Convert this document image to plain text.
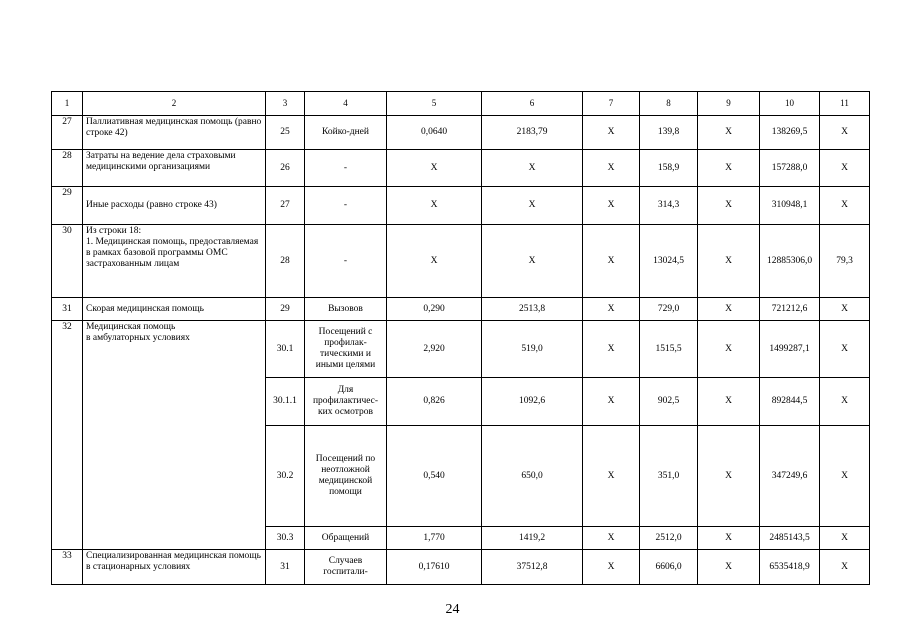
1	2	3	4	5	6	7	8	9	10	11
27	Паллиативная медицинская помощь (равно строке 42)	25	Койко-дней	0,0640	2183,79	X	139,8	X	138269,5	X
28	Затраты на ведение дела страховыми медицинскими организациями	26	-	X	X	X	158,9	X	157288,0	X
29	Иные расходы (равно строке 43)	27	-	X	X	X	314,3	X	310948,1	X
30	Из строки 18:
1. Медицинская помощь, предоставляемая в рамках базовой программы ОМС застрахованным лицам	28	-	X	X	X	13024,5	X	12885306,0	79,3
31	Скорая медицинская помощь	29	Вызовов	0,290	2513,8	X	729,0	X	721212,6	X
32	Медицинская помощь
в амбулаторных условиях	30.1	Посещений с профилак-тическими и иными целями	2,920	519,0	X	1515,5	X	1499287,1	X
		30.1.1	Для профилактичес-ких осмотров	0,826	1092,6	X	902,5	X	892844,5	X
		30.2	Посещений по неотложной медицинской помощи	0,540	650,0	X	351,0	X	347249,6	X
		30.3	Обращений	1,770	1419,2	X	2512,0	X	2485143,5	X
33	Специализированная медицинская помощь в стационарных условиях	31	Случаев госпитали-	0,17610	37512,8	X	6606,0	X	6535418,9	X
24
